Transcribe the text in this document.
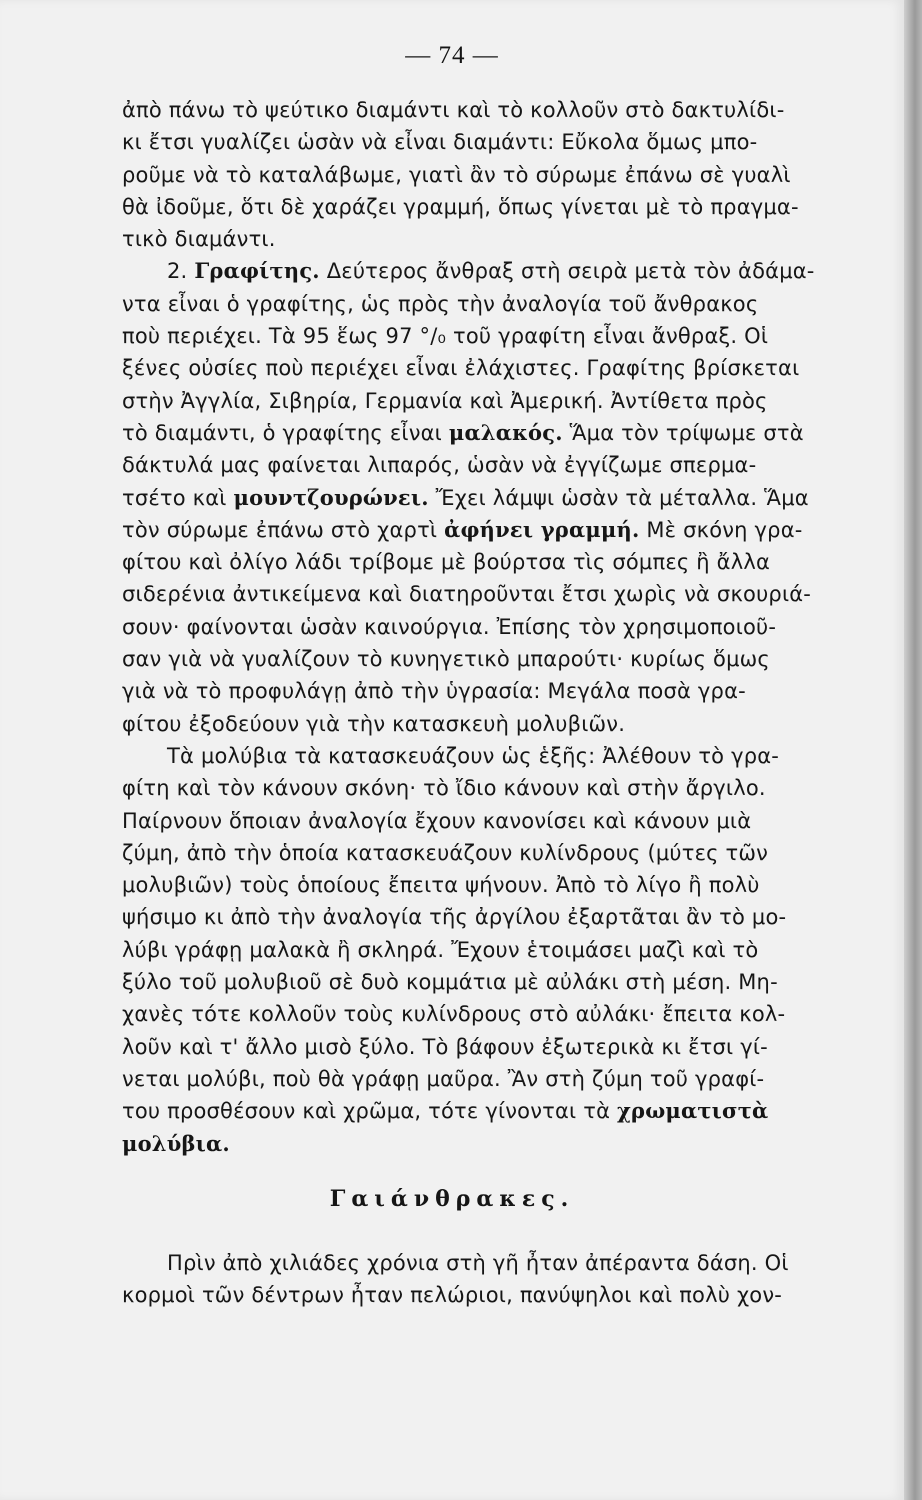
— 74 —
ἀπὸ πάνω τὸ ψεύτικο διαμάντι καὶ τὸ κολλοῦν στὸ δακτυλίδι-
κι ἔτσι γυαλίζει ὡσὰν νὰ εἶναι διαμάντι: Εὔκολα ὅμως μπο-
ροῦμε νὰ τὸ καταλάβωμε, γιατὶ ἂν τὸ σύρωμε ἐπάνω σὲ γυαλὶ
θὰ ἰδοῦμε, ὅτι δὲ χαράζει γραμμή, ὅπως γίνεται μὲ τὸ πραγμα-
τικὸ διαμάντι.
2. Γραφίτης. Δεύτερος ἄνθραξ στὴ σειρὰ μετὰ τὸν ἀδάμα-
ντα εἶναι ὁ γραφίτης, ὡς πρὸς τὴν ἀναλογία τοῦ ἄνθρακος
ποὺ περιέχει. Τὰ 95 ἕως 97 °/₀ τοῦ γραφίτη εἶναι ἄνθραξ. Οἱ
ξένες οὐσίες ποὺ περιέχει εἶναι ἐλάχιστες. Γραφίτης βρίσκεται
στὴν Ἀγγλία, Σιβηρία, Γερμανία καὶ Ἀμερική. Ἀντίθετα πρὸς
τὸ διαμάντι, ὁ γραφίτης εἶναι μαλακός. Ἅμα τὸν τρίψωμε στὰ
δάκτυλά μας φαίνεται λιπαρός, ὡσὰν νὰ ἐγγίζωμε σπερμα-
τσέτο καὶ μουντζουρώνει. Ἔχει λάμψι ὡσὰν τὰ μέταλλα. Ἅμα
τὸν σύρωμε ἐπάνω στὸ χαρτὶ ἀφήνει γραμμή. Μὲ σκόνη γρα-
φίτου καὶ ὀλίγο λάδι τρίβομε μὲ βούρτσα τὶς σόμπες ἢ ἄλλα
σιδερένια ἀντικείμενα καὶ διατηροῦνται ἔτσι χωρὶς νὰ σκουριά-
σουν· φαίνονται ὡσὰν καινούργια. Ἐπίσης τὸν χρησιμοποιοῦ-
σαν γιὰ νὰ γυαλίζουν τὸ κυνηγετικὸ μπαρούτι· κυρίως ὅμως
γιὰ νὰ τὸ προφυλάγῃ ἀπὸ τὴν ὑγρασία: Μεγάλα ποσὰ γρα-
φίτου ἐξοδεύουν γιὰ τὴν κατασκευὴ μολυβιῶν.
Τὰ μολύβια τὰ κατασκευάζουν ὡς ἑξῆς: Ἀλέθουν τὸ γρα-
φίτη καὶ τὸν κάνουν σκόνη· τὸ ἴδιο κάνουν καὶ στὴν ἄργιλο.
Παίρνουν ὅποιαν ἀναλογία ἔχουν κανονίσει καὶ κάνουν μιὰ
ζύμη, ἀπὸ τὴν ὁποία κατασκευάζουν κυλίνδρους (μύτες τῶν
μολυβιῶν) τοὺς ὁποίους ἔπειτα ψήνουν. Ἀπὸ τὸ λίγο ἢ πολὺ
ψήσιμο κι ἀπὸ τὴν ἀναλογία τῆς ἀργίλου ἐξαρτᾶται ἂν τὸ μο-
λύβι γράφῃ μαλακὰ ἢ σκληρά. Ἔχουν ἑτοιμάσει μαζὶ καὶ τὸ
ξύλο τοῦ μολυβιοῦ σὲ δυὸ κομμάτια μὲ αὐλάκι στὴ μέση. Μη-
χανὲς τότε κολλοῦν τοὺς κυλίνδρους στὸ αὐλάκι· ἔπειτα κολ-
λοῦν καὶ τ' ἄλλο μισὸ ξύλο. Τὸ βάφουν ἐξωτερικὰ κι ἔτσι γί-
νεται μολύβι, ποὺ θὰ γράφῃ μαῦρα. Ἂν στὴ ζύμη τοῦ γραφί-
του προσθέσουν καὶ χρῶμα, τότε γίνονται τὰ χρωματιστὰ
μολύβια.
Γαιάνθρακες.
Πρὶν ἀπὸ χιλιάδες χρόνια στὴ γῆ ἦταν ἀπέραντα δάση. Οἱ
κορμοὶ τῶν δέντρων ἦταν πελώριοι, πανύψηλοι καὶ πολὺ χον-
